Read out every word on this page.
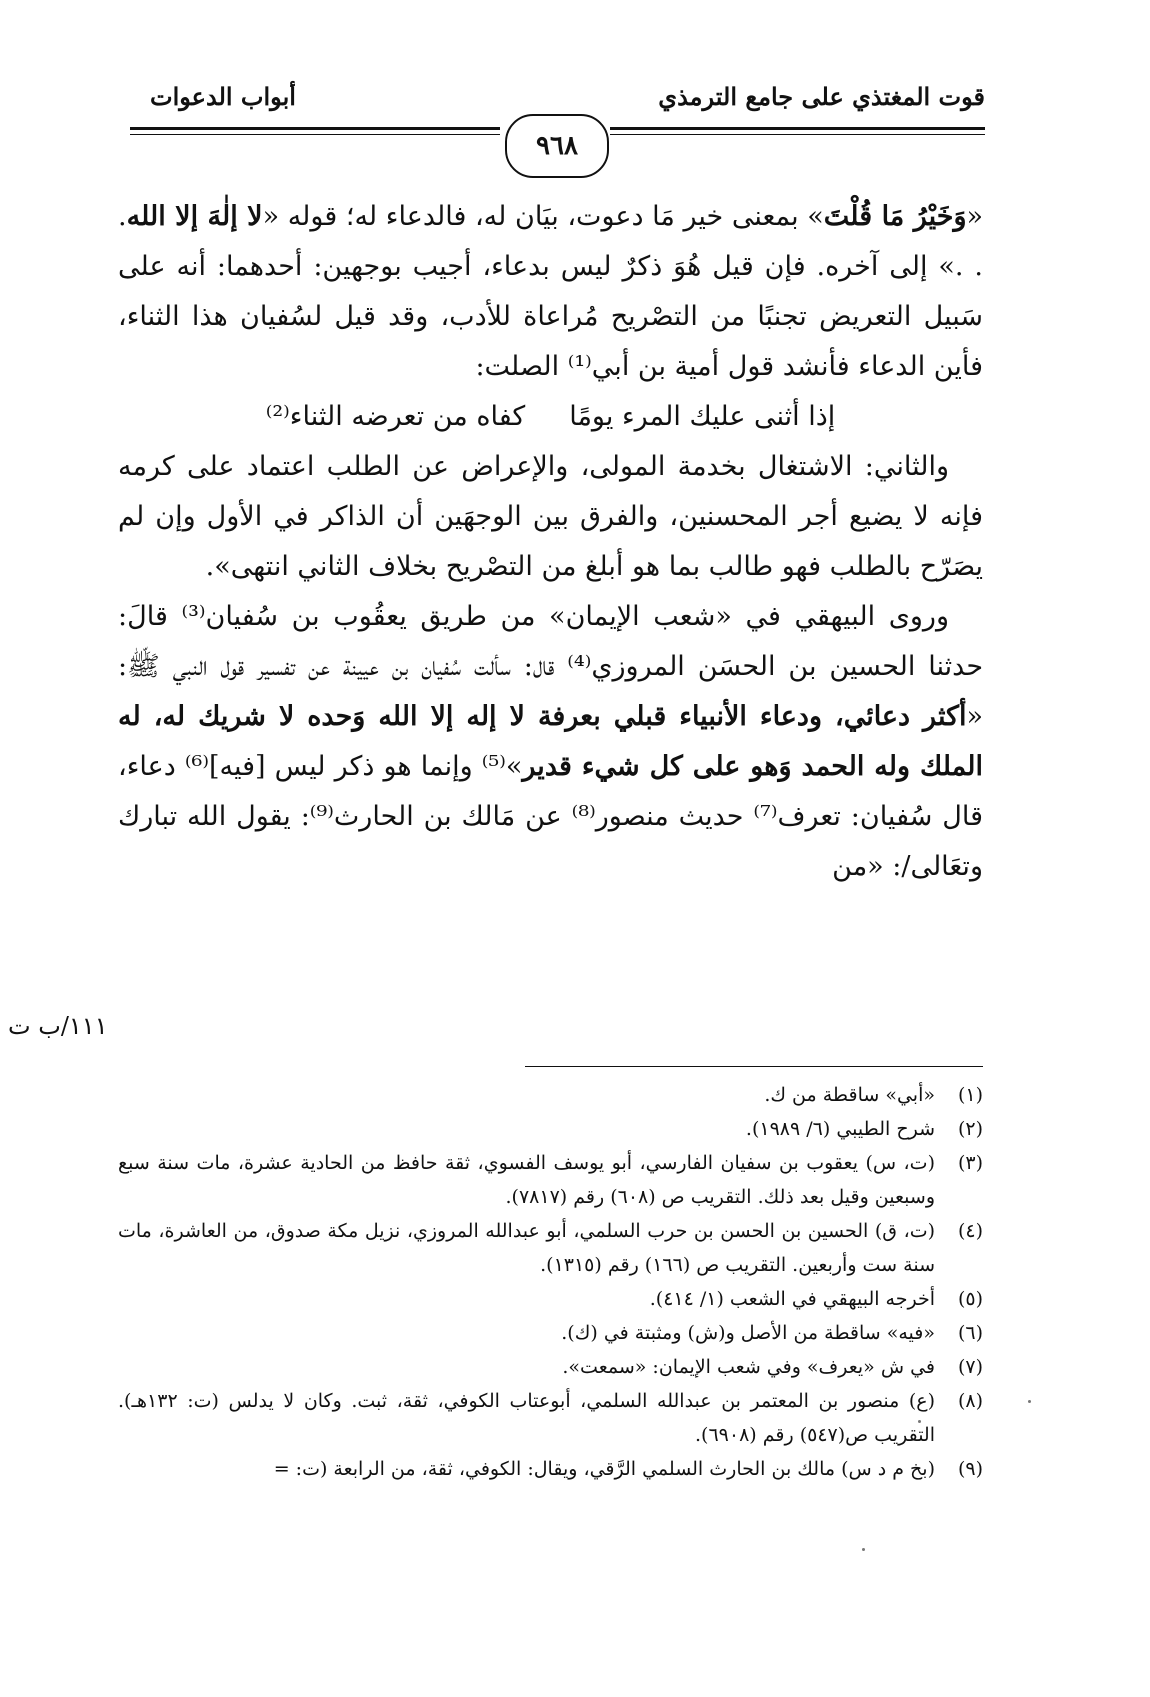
قوت المغتذي على جامع الترمذي
أبواب الدعوات
٩٦٨

«وَخَيْرُ مَا قُلْتَ» بمعنى خير مَا دعوت، بيَان له، فالدعاء له؛ قوله «لا إلٰهَ إلا الله. . .» إلى آخره. فإن قيل هُوَ ذكرٌ ليس بدعاء، أجيب بوجهين: أحدهما: أنه على سَبيل التعريض تجنبًا من التصْريح مُراعاة للأدب، وقد قيل لسُفيان هذا الثناء، فأين الدعاء فأنشد قول أمية بن أبي⁽¹⁾ الصلت:

إذا أثنى عليك المرء يومًاكفاه من تعرضه الثناء⁽²⁾

والثاني: الاشتغال بخدمة المولى، والإعراض عن الطلب اعتماد على كرمه فإنه لا يضيع أجر المحسنين، والفرق بين الوجهَين أن الذاكر في الأول وإن لم يصَرّح بالطلب فهو طالب بما هو أبلغ من التصْريح بخلاف الثاني انتهى».

وروى البيهقي في «شعب الإيمان» من طريق يعقُوب بن سُفيان⁽³⁾ قالَ: حدثنا الحسين بن الحسَن المروزي⁽⁴⁾ قال: سألت سُفيان بن عيينة عن تفسير قول النبي ﷺ: «أكثر دعائي، ودعاء الأنبياء قبلي بعرفة لا إله إلا الله وَحده لا شريك له، له الملك وله الحمد وَهو على كل شيء قدير»⁽⁵⁾ وإنما هو ذكر ليس [فيه]⁽⁶⁾ دعاء، قال سُفيان: تعرف⁽⁷⁾ حديث منصور⁽⁸⁾ عن مَالك بن الحارث⁽⁹⁾: يقول الله تبارك وتعَالى/: «من

١١١/ب ت
(١)
«أبي» ساقطة من ك.
(٢)
شرح الطيبي (٦/ ١٩٨٩).
(٣)
(ت، س) يعقوب بن سفيان الفارسي، أبو يوسف الفسوي، ثقة حافظ من الحادية عشرة، مات سنة سبع وسبعين وقيل بعد ذلك. التقريب ص (٦٠٨) رقم (٧٨١٧).
(٤)
(ت، ق) الحسين بن الحسن بن حرب السلمي، أبو عبدالله المروزي، نزيل مكة صدوق، من العاشرة، مات سنة ست وأربعين. التقريب ص (١٦٦) رقم (١٣١٥).
(٥)
أخرجه البيهقي في الشعب (١/ ٤١٤).
(٦)
«فيه» ساقطة من الأصل و(ش) ومثبتة في (ك).
(٧)
في ش «يعرف» وفي شعب الإيمان: «سمعت».
(٨)
(ع) منصور بن المعتمر بن عبدالله السلمي، أبوعتاب الكوفي، ثقة، ثبت. وكان لا يدلس (ت: ١٣٢هـ). التقريب ص(٥٤٧) رقم (٦٩٠٨).
(٩)
(بخ م د س) مالك بن الحارث السلمي الرَّقي، ويقال: الكوفي، ثقة، من الرابعة (ت: =
